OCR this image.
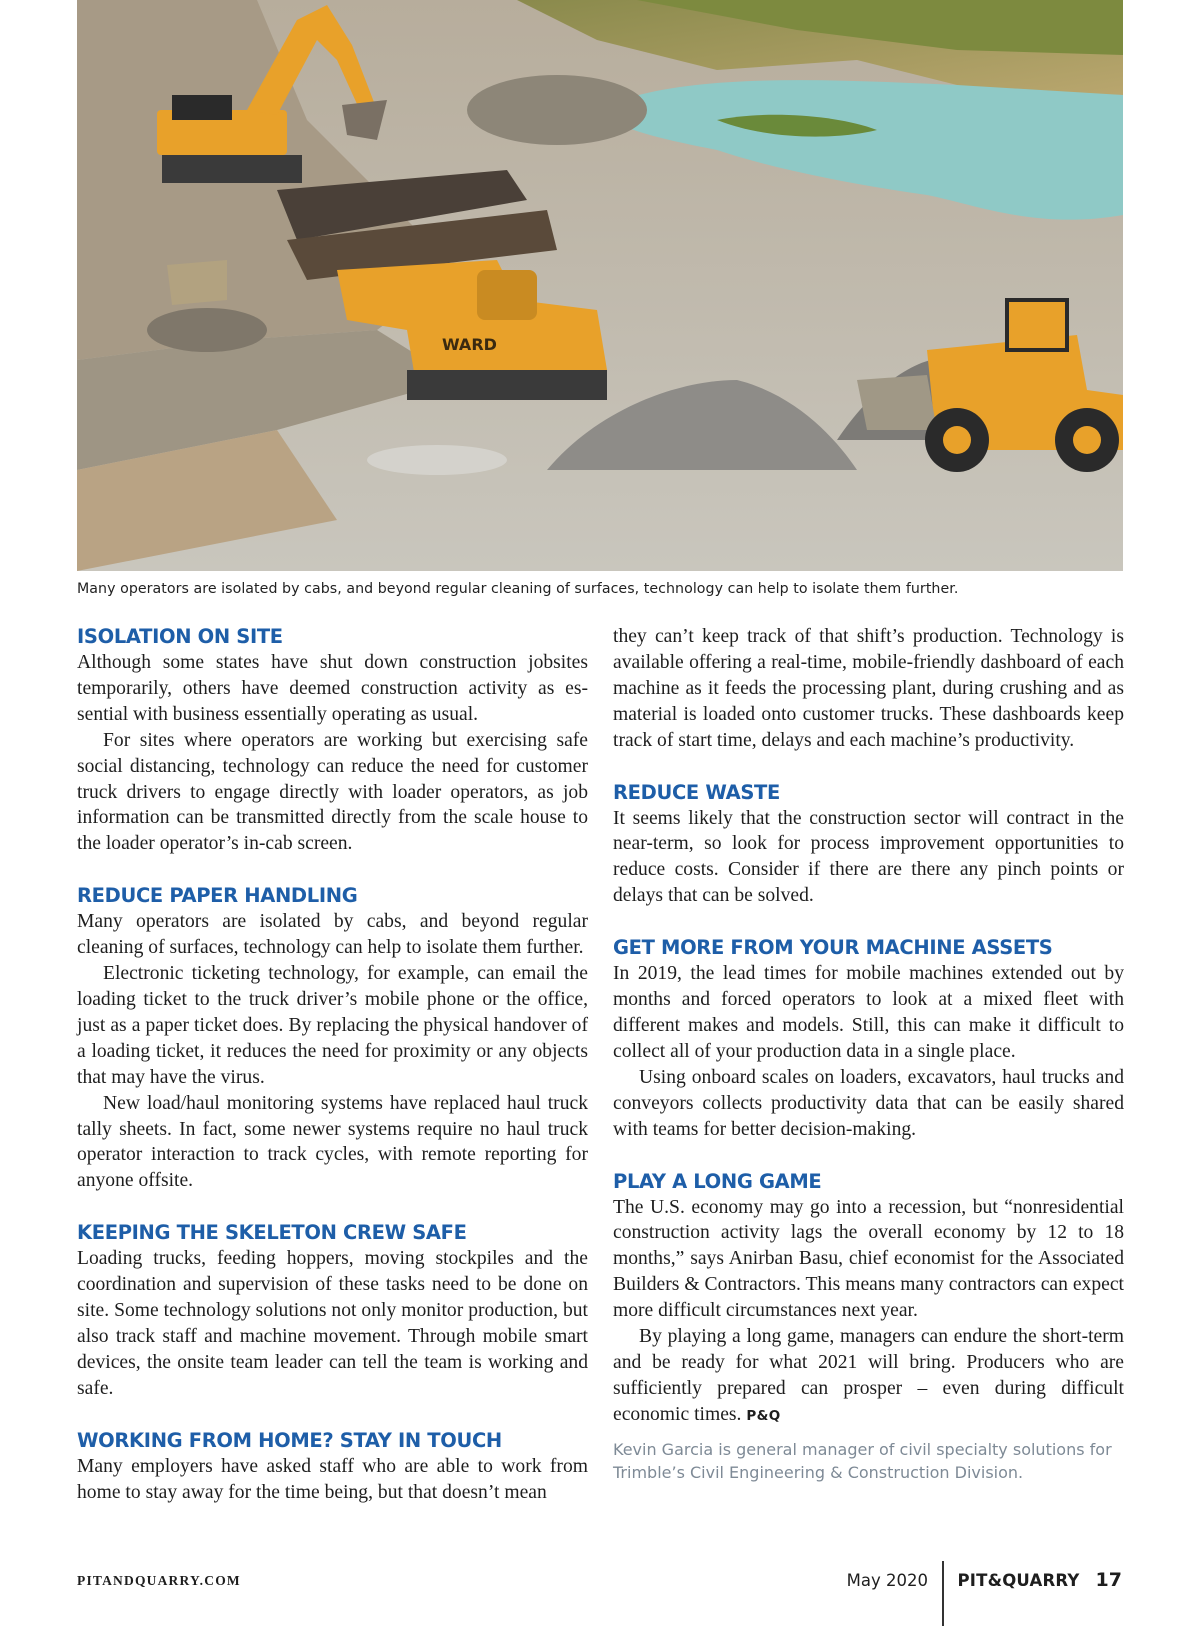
WARD
Many operators are isolated by cabs, and beyond regular cleaning of surfaces, technology can help to isolate them further.
ISOLATION ON SITE

Although some states have shut down construction jobsites temporarily, others have deemed construction activity as essential with business essentially operating as usual.

For sites where operators are working but exercising safe social distancing, technology can reduce the need for customer truck drivers to engage directly with loader operators, as job information can be transmitted directly from the scale house to the loader operator’s in-cab screen.

REDUCE PAPER HANDLING

Many operators are isolated by cabs, and beyond regular cleaning of surfaces, technology can help to isolate them further.

Electronic ticketing technology, for example, can email the loading ticket to the truck driver’s mobile phone or the office, just as a paper ticket does. By replacing the physical handover of a loading ticket, it reduces the need for proximity or any objects that may have the virus.

New load/haul monitoring systems have replaced haul truck tally sheets. In fact, some newer systems require no haul truck operator interaction to track cycles, with remote reporting for anyone offsite.

KEEPING THE SKELETON CREW SAFE

Loading trucks, feeding hoppers, moving stockpiles and the coordination and supervision of these tasks need to be done on site. Some technology solutions not only monitor production, but also track staff and machine movement. Through mobile smart devices, the onsite team leader can tell the team is working and safe.

WORKING FROM HOME? STAY IN TOUCH

Many employers have asked staff who are able to work from home to stay away for the time being, but that doesn’t mean

they can’t keep track of that shift’s production. Technology is available offering a real-time, mobile-friendly dashboard of each machine as it feeds the processing plant, during crushing and as material is loaded onto customer trucks. These dashboards keep track of start time, delays and each machine’s productivity.

REDUCE WASTE

It seems likely that the construction sector will contract in the near-term, so look for process improvement opportunities to reduce costs. Consider if there are there any pinch points or delays that can be solved.

GET MORE FROM YOUR MACHINE ASSETS

In 2019, the lead times for mobile machines extended out by months and forced operators to look at a mixed fleet with different makes and models. Still, this can make it difficult to collect all of your production data in a single place.

Using onboard scales on loaders, excavators, haul trucks and conveyors collects productivity data that can be easily shared with teams for better decision-making.

PLAY A LONG GAME

The U.S. economy may go into a recession, but “nonresidential construction activity lags the overall economy by 12 to 18 months,” says Anirban Basu, chief economist for the Associated Builders & Contractors. This means many contractors can expect more difficult circumstances next year.

By playing a long game, managers can endure the short-term and be ready for what 2021 will bring. Producers who are sufficiently prepared can prosper – even during difficult economic times. P&Q

Kevin Garcia is general manager of civil specialty solutions for Trimble’s Civil Engineering & Construction Division.
PITANDQUARRY.COM	May 2020	PIT&QUARRY 17
